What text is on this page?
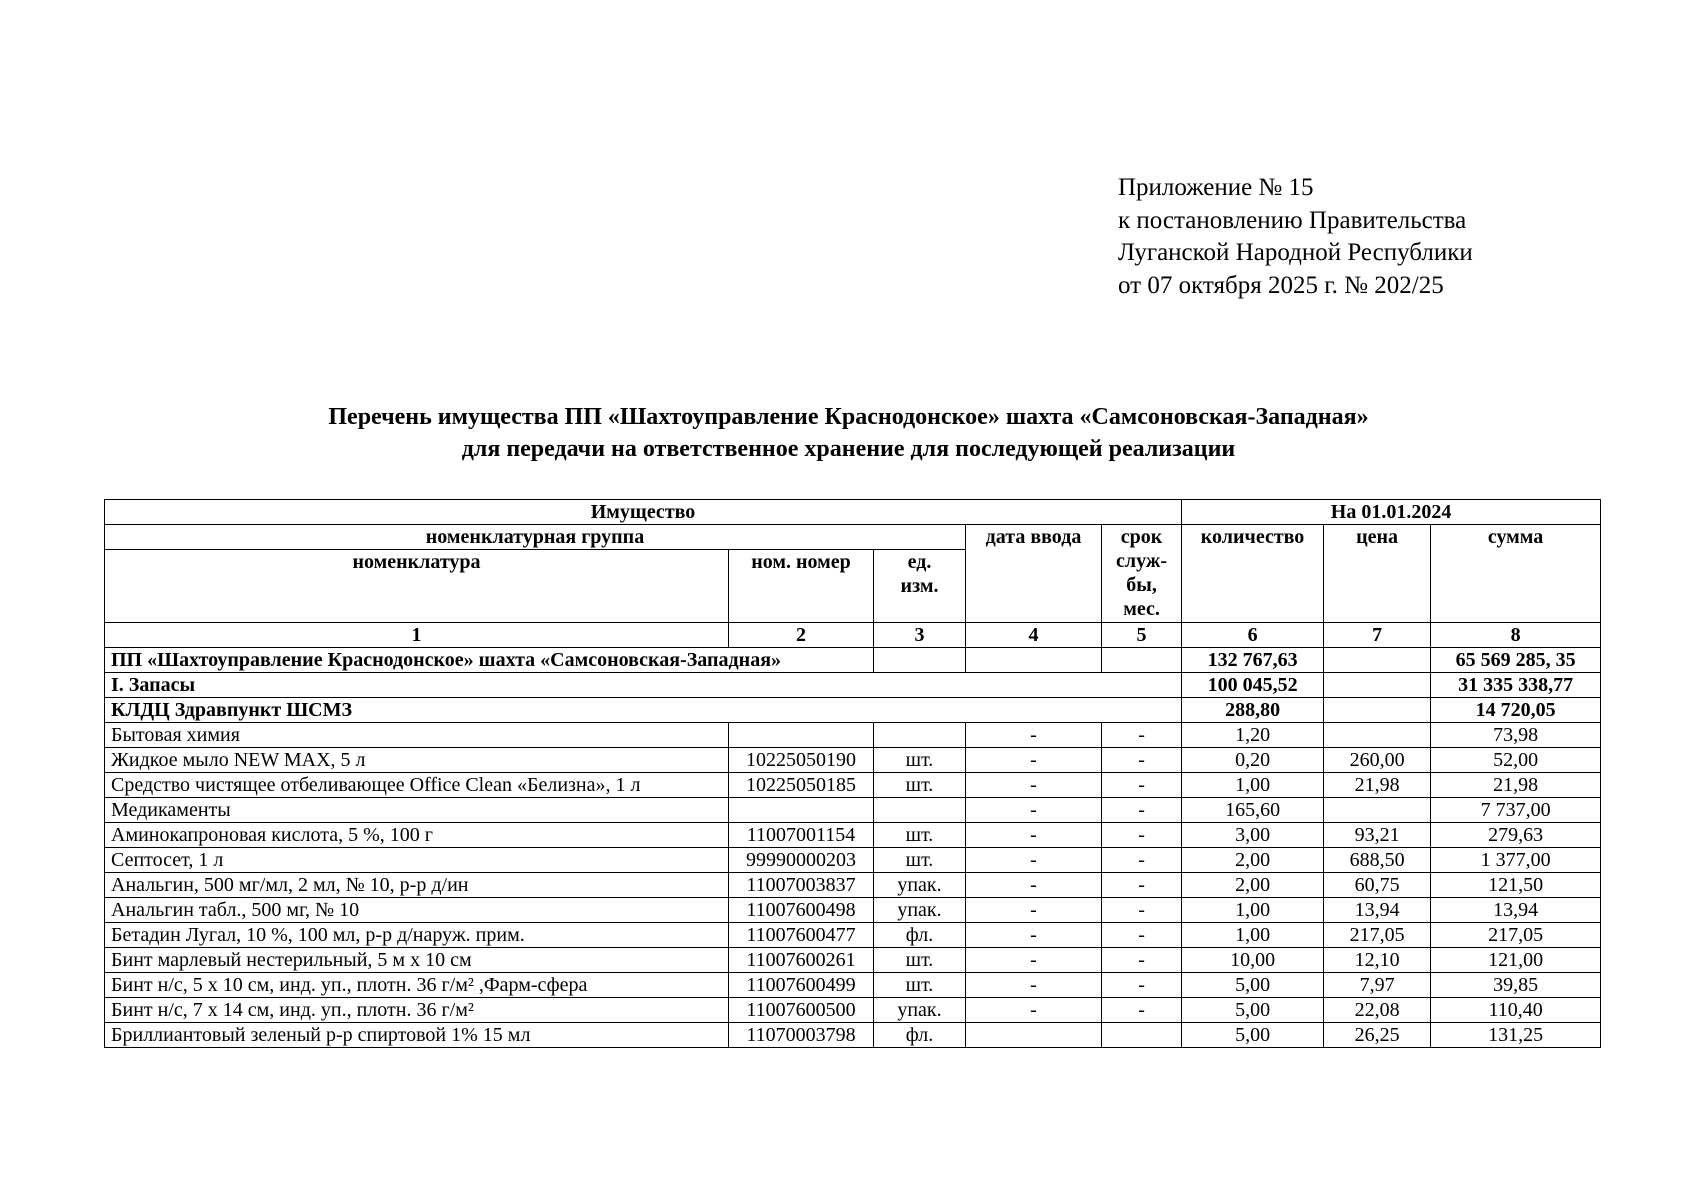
Приложение № 15
к постановлению Правительства
Луганской Народной Республики
от 07 октября 2025 г. № 202/25
Перечень имущества ПП «Шахтоуправление Краснодонское» шахта «Самсоновская-Западная»
для передачи на ответственное хранение для последующей реализации
Имущество					На 01.01.2024		
номенклатурная группа			дата ввода	срок служ-бы, мес.	количество	цена	сумма
номенклатура	ном. номер	ед. изм.					
1	2	3	4	5	6	7	8
ПП «Шахтоуправление Краснодонское» шахта «Самсоновская-Западная»					132 767,63		65 569 285, 35
I. Запасы					100 045,52		31 335 338,77
КЛДЦ Здравпункт ШСМЗ					288,80		14 720,05
Бытовая химия			-	-	1,20		73,98
Жидкое мыло NEW MAX, 5 л	10225050190	шт.	-	-	0,20	260,00	52,00
Средство чистящее отбеливающее Office Clean «Белизна», 1 л	10225050185	шт.	-	-	1,00	21,98	21,98
Медикаменты			-	-	165,60		7 737,00
Аминокапроновая кислота, 5 %, 100 г	11007001154	шт.	-	-	3,00	93,21	279,63
Септосет, 1 л	99990000203	шт.	-	-	2,00	688,50	1 377,00
Анальгин, 500 мг/мл, 2 мл, № 10, р-р д/ин	11007003837	упак.	-	-	2,00	60,75	121,50
Анальгин табл., 500 мг, № 10	11007600498	упак.	-	-	1,00	13,94	13,94
Бетадин Лугал, 10 %, 100 мл, р-р д/наруж. прим.	11007600477	фл.	-	-	1,00	217,05	217,05
Бинт марлевый нестерильный, 5 м х 10 см	11007600261	шт.	-	-	10,00	12,10	121,00
Бинт н/с, 5 х 10 см, инд. уп., плотн. 36 г/м² ,Фарм-сфера	11007600499	шт.	-	-	5,00	7,97	39,85
Бинт н/с, 7 х 14 см, инд. уп., плотн. 36 г/м²	11007600500	упак.	-	-	5,00	22,08	110,40
Бриллиантовый зеленый р-р спиртовой 1% 15 мл	11070003798	фл.			5,00	26,25	131,25
